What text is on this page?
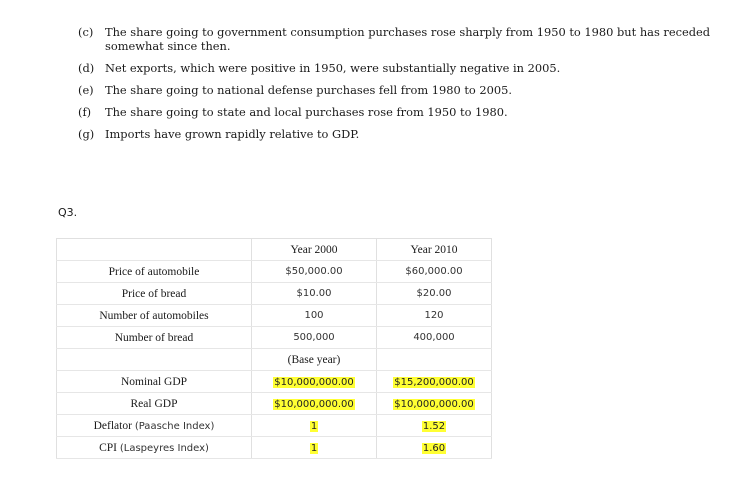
(c)	The share going to government consumption purchases rose sharply from 1950 to 1980 but has receded somewhat since then.
(d) Net exports, which were positive in 1950, were substantially negative in 2005.
(e) The share going to national defense purchases fell from 1980 to 2005.
(f)	The share going to state and local purchases rose from 1950 to 1980.
(g) Imports have grown rapidly relative to GDP.
Q3.
	Year 2000	Year 2010
Price of automobile	$50,000.00	$60,000.00
Price of bread	$10.00	$20.00
Number of automobiles	100	120
Number of bread	500,000	400,000
	(Base year)	
Nominal GDP	$10,000,000.00	$15,200,000.00
Real GDP	$10,000,000.00	$10,000,000.00
Deflator (Paasche Index)	1	1.52
CPI (Laspeyres Index)	1	1.60
